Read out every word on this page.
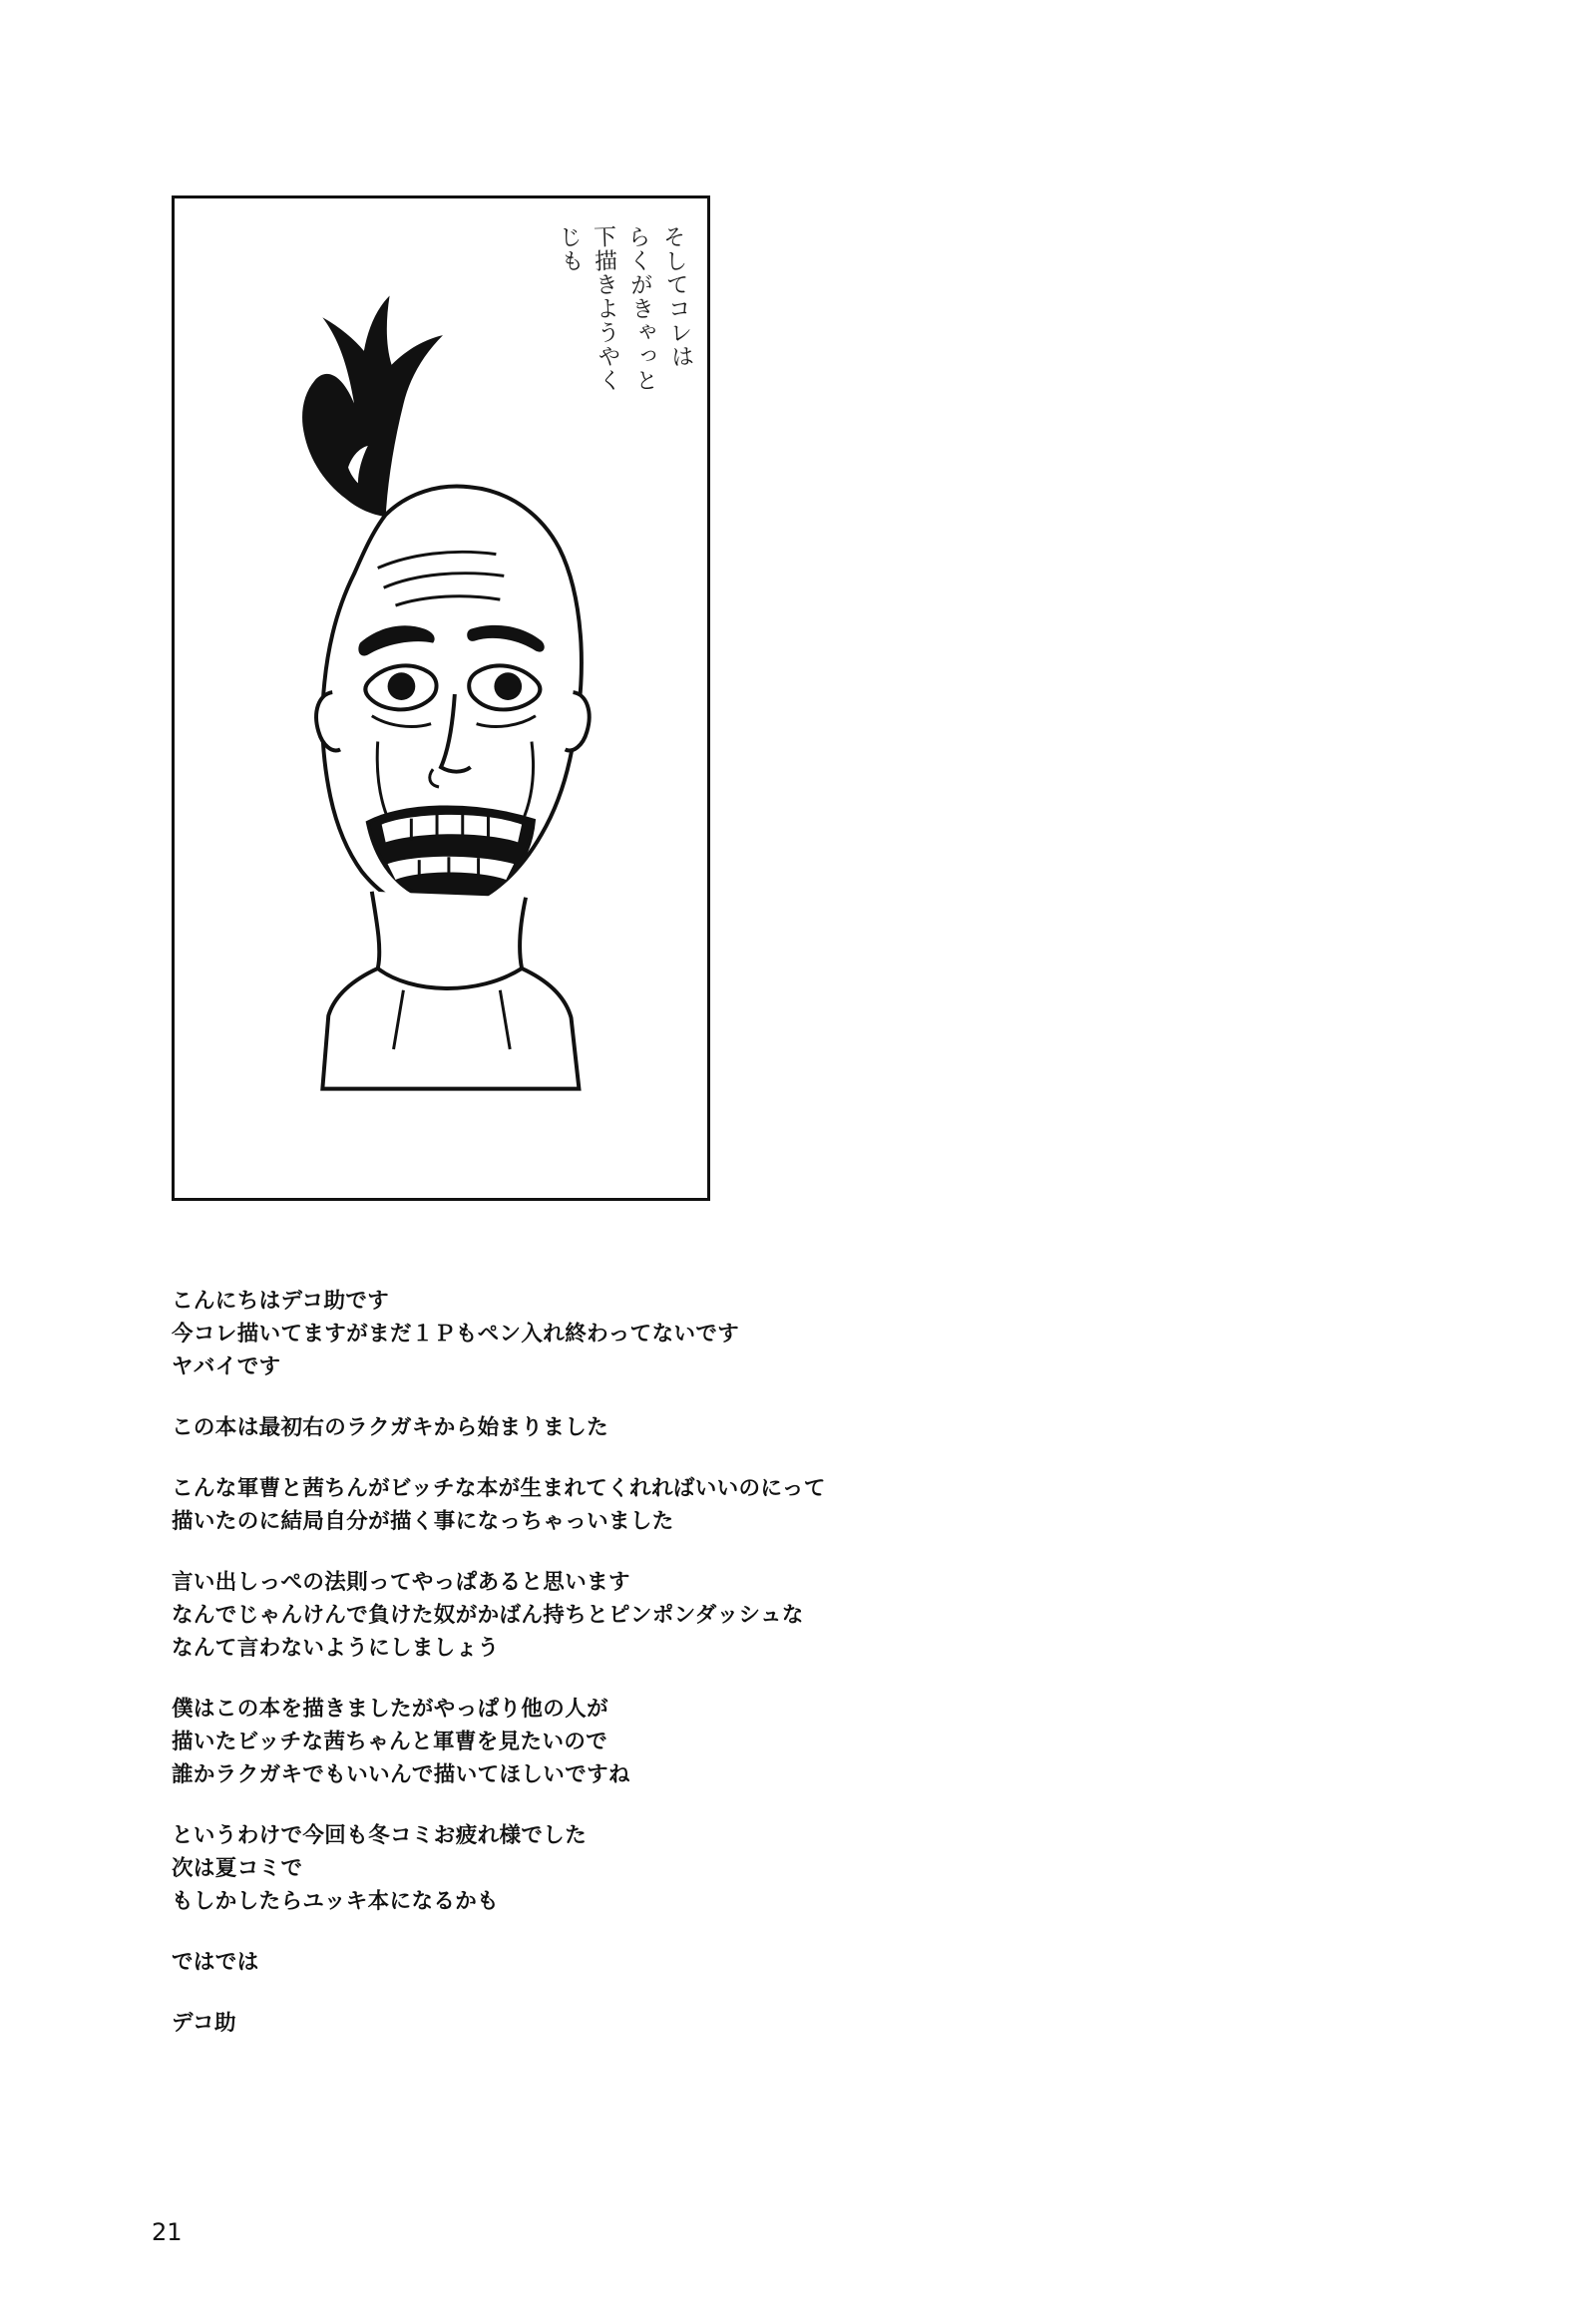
そしてコレは
らくがきゃっと
下描きようやく
じも
こんにちはデコ助です
今コレ描いてますがまだ１Ｐもペン入れ終わってないです
ヤバイです
この本は最初右のラクガキから始まりました
こんな軍曹と茜ちんがビッチな本が生まれてくれればいいのにって
描いたのに結局自分が描く事になっちゃっいました
言い出しっぺの法則ってやっぱあると思います
なんでじゃんけんで負けた奴がかばん持ちとピンポンダッシュな
なんて言わないようにしましょう
僕はこの本を描きましたがやっぱり他の人が
描いたビッチな茜ちゃんと軍曹を見たいので
誰かラクガキでもいいんで描いてほしいですね
というわけで今回も冬コミお疲れ様でした
次は夏コミで
もしかしたらユッキ本になるかも
ではでは
デコ助
21
